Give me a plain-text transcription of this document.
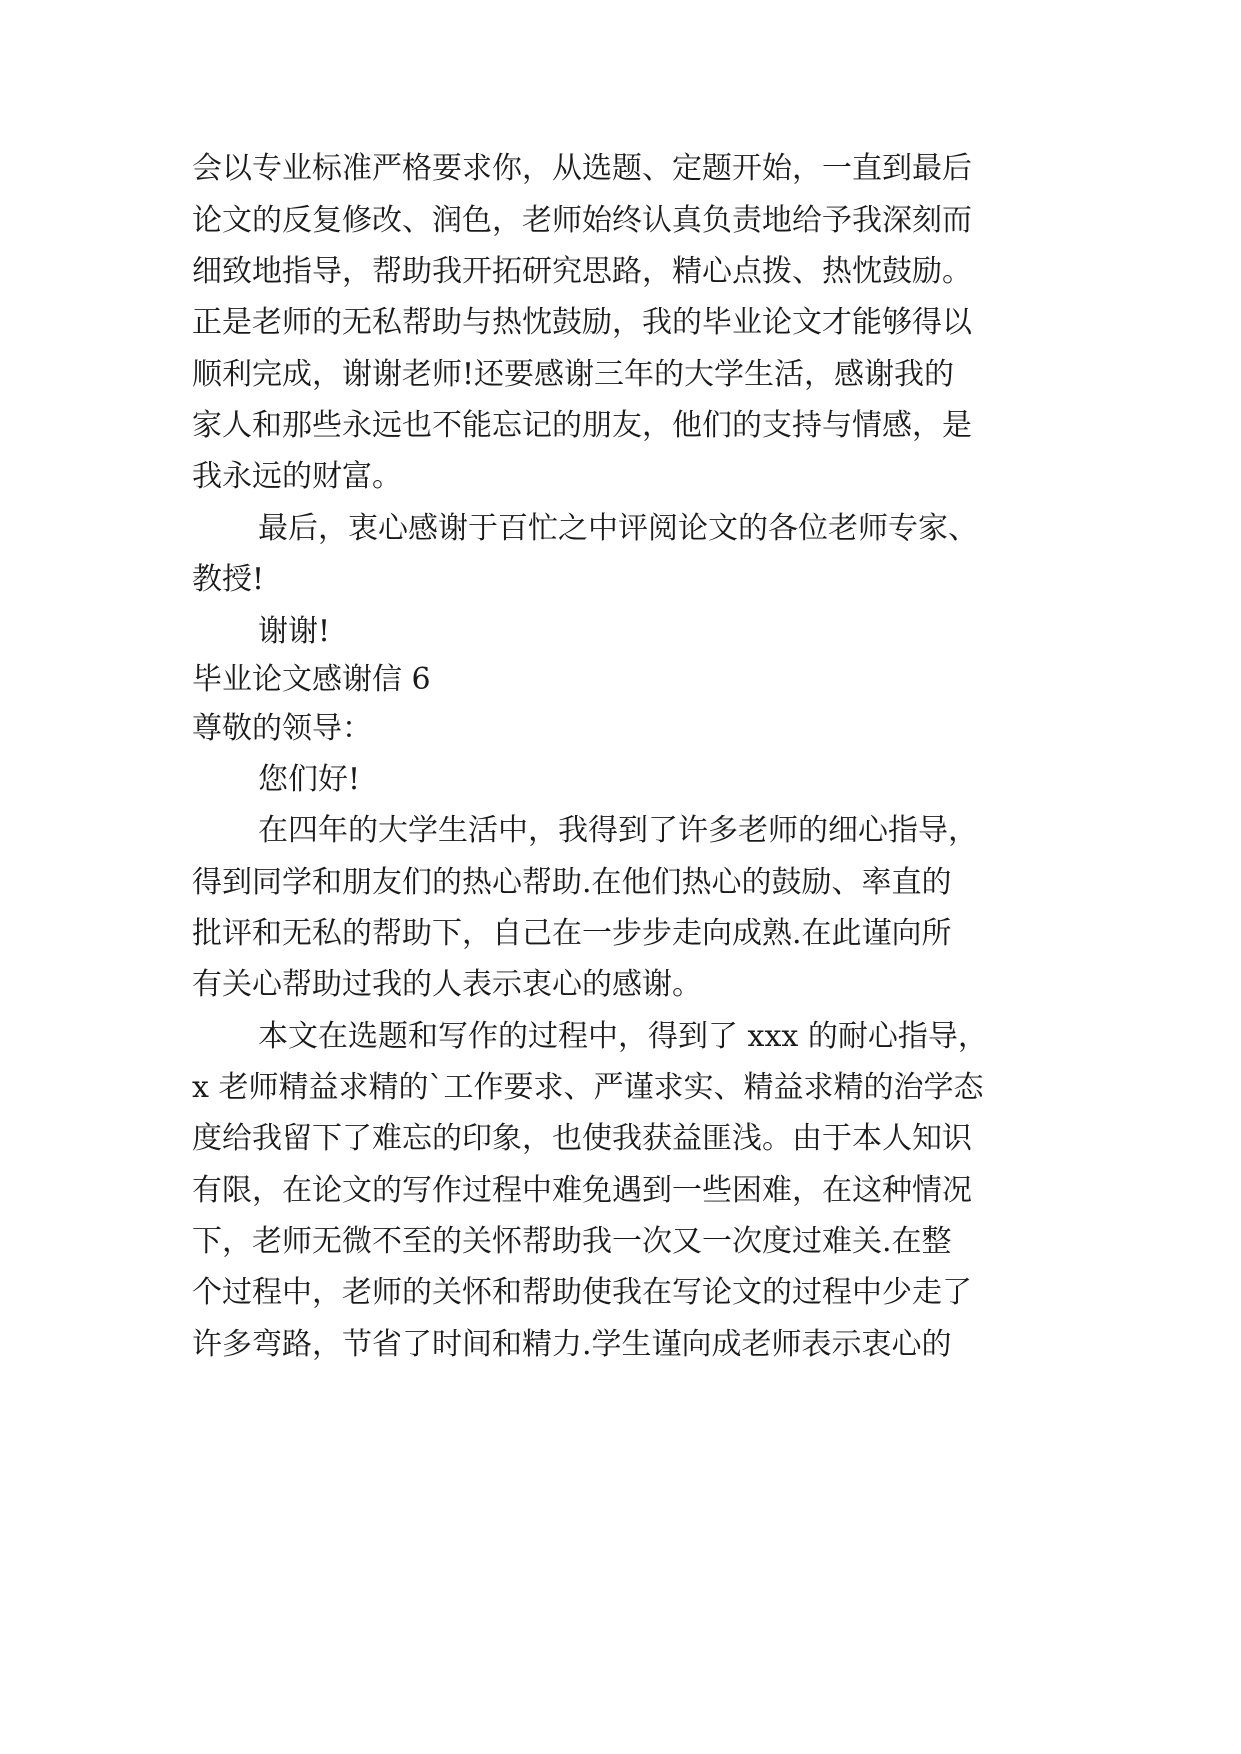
会以专业标准严格要求你，从选题、定题开始，一直到最后
论文的反复修改、润色，老师始终认真负责地给予我深刻而
细致地指导，帮助我开拓研究思路，精心点拨、热忱鼓励。
正是老师的无私帮助与热忱鼓励，我的毕业论文才能够得以
顺利完成，谢谢老师!还要感谢三年的大学生活，感谢我的
家人和那些永远也不能忘记的朋友，他们的支持与情感，是
我永远的财富。
最后，衷心感谢于百忙之中评阅论文的各位老师专家、
教授!
谢谢!
毕业论文感谢信 6
尊敬的领导：
您们好!
在四年的大学生活中，我得到了许多老师的细心指导，
得到同学和朋友们的热心帮助.在他们热心的鼓励、率直的
批评和无私的帮助下，自己在一步步走向成熟.在此谨向所
有关心帮助过我的人表示衷心的感谢。
本文在选题和写作的过程中，得到了 xxx 的耐心指导，
x 老师精益求精的`工作要求、严谨求实、精益求精的治学态
度给我留下了难忘的印象，也使我获益匪浅。由于本人知识
有限，在论文的写作过程中难免遇到一些困难，在这种情况
下，老师无微不至的关怀帮助我一次又一次度过难关.在整
个过程中，老师的关怀和帮助使我在写论文的过程中少走了
许多弯路，节省了时间和精力.学生谨向成老师表示衷心的
